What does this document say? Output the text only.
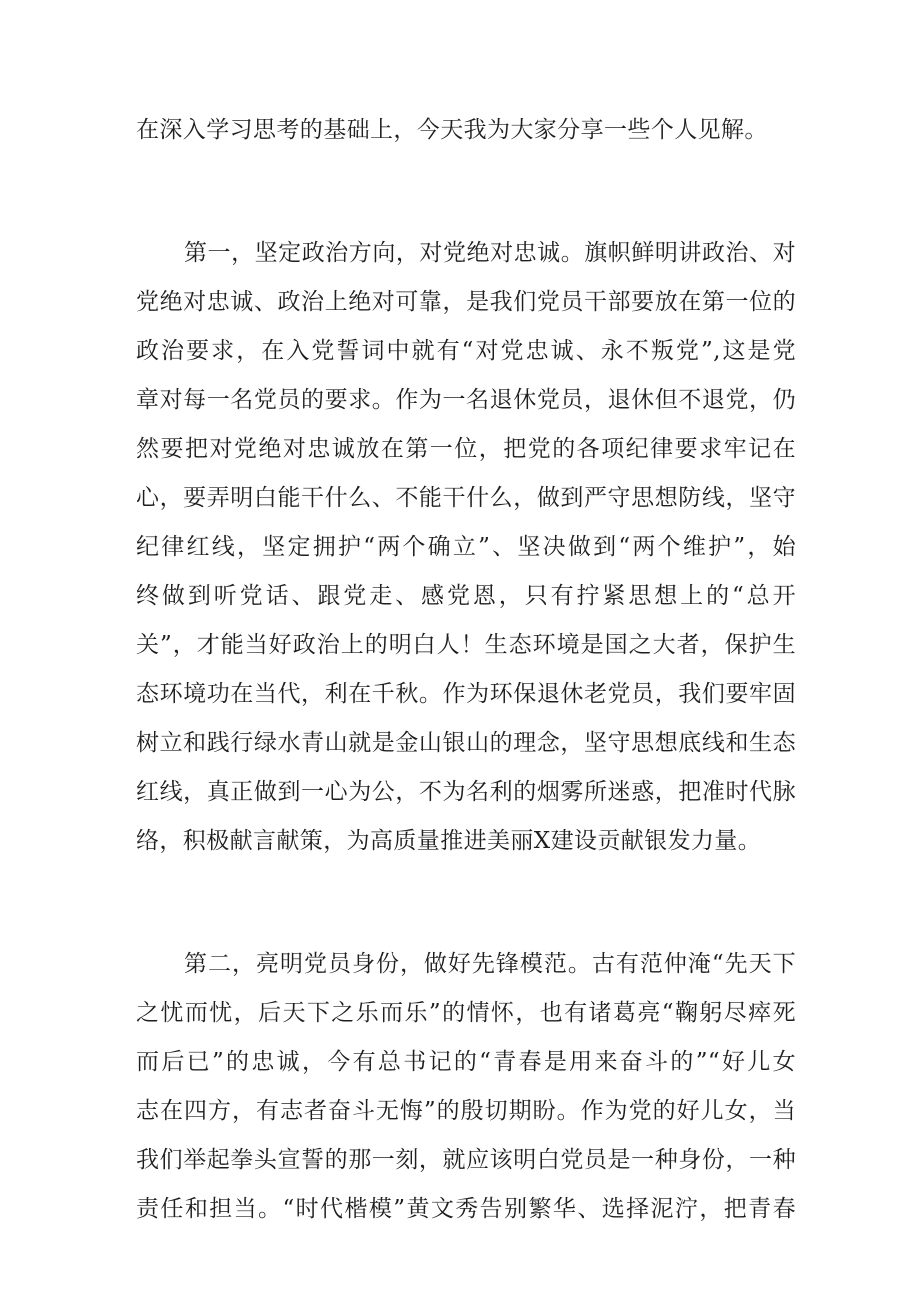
在深入学习思考的基础上，今天我为大家分享一些个人见解。

第一，坚定政治方向，对党绝对忠诚。旗帜鲜明讲政治、对

党绝对忠诚、政治上绝对可靠，是我们党员干部要放在第一位的

政治要求，在入党誓词中就有“对党忠诚、永不叛党”,这是党

章对每一名党员的要求。作为一名退休党员，退休但不退党，仍

然要把对党绝对忠诚放在第一位，把党的各项纪律要求牢记在

心，要弄明白能干什么、不能干什么，做到严守思想防线，坚守

纪律红线，坚定拥护“两个确立”、坚决做到“两个维护”，始

终做到听党话、跟党走、感党恩，只有拧紧思想上的“总开

关”，才能当好政治上的明白人！生态环境是国之大者，保护生

态环境功在当代，利在千秋。作为环保退休老党员，我们要牢固

树立和践行绿水青山就是金山银山的理念，坚守思想底线和生态

红线，真正做到一心为公，不为名利的烟雾所迷惑，把准时代脉

络，积极献言献策，为高质量推进美丽X建设贡献银发力量。

第二，亮明党员身份，做好先锋模范。古有范仲淹“先天下

之忧而忧，后天下之乐而乐”的情怀，也有诸葛亮“鞠躬尽瘁死

而后已”的忠诚，今有总书记的“青春是用来奋斗的”“好儿女

志在四方，有志者奋斗无悔”的殷切期盼。作为党的好儿女，当

我们举起拳头宣誓的那一刻，就应该明白党员是一种身份，一种

责任和担当。“时代楷模”黄文秀告别繁华、选择泥泞，把青春
